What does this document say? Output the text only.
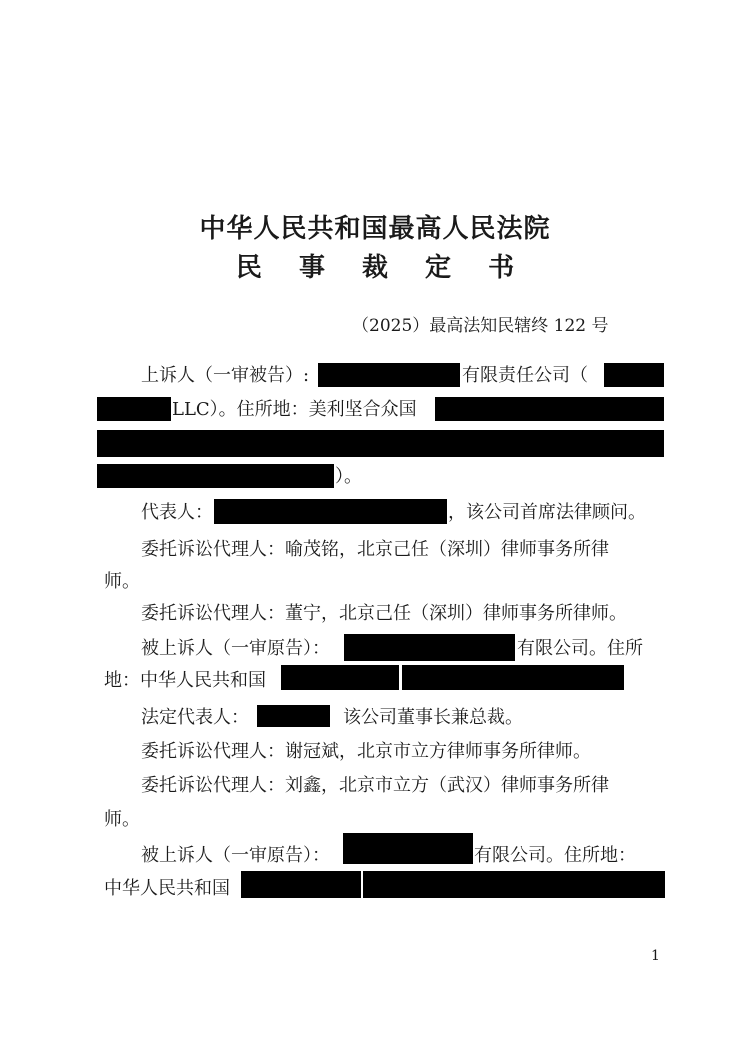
中华人民共和国最高人民法院
民 事 裁 定 书
（2025）最高法知民辖终 122 号
上诉人（一审被告）:	有限责任公司（
LLC）。住所地：美利坚合众国
）。
代表人：	，该公司首席法律顾问。
委托诉讼代理人：喻茂铭，北京己任（深圳）律师事务所律
师。
委托诉讼代理人：董宁，北京己任（深圳）律师事务所律师。
被上诉人（一审原告）：	有限公司。住所
地：中华人民共和国
法定代表人：	该公司董事长兼总裁。
委托诉讼代理人：谢冠斌，北京市立方律师事务所律师。
委托诉讼代理人：刘鑫，北京市立方（武汉）律师事务所律
师。
被上诉人（一审原告）：	有限公司。住所地：
中华人民共和国
1
